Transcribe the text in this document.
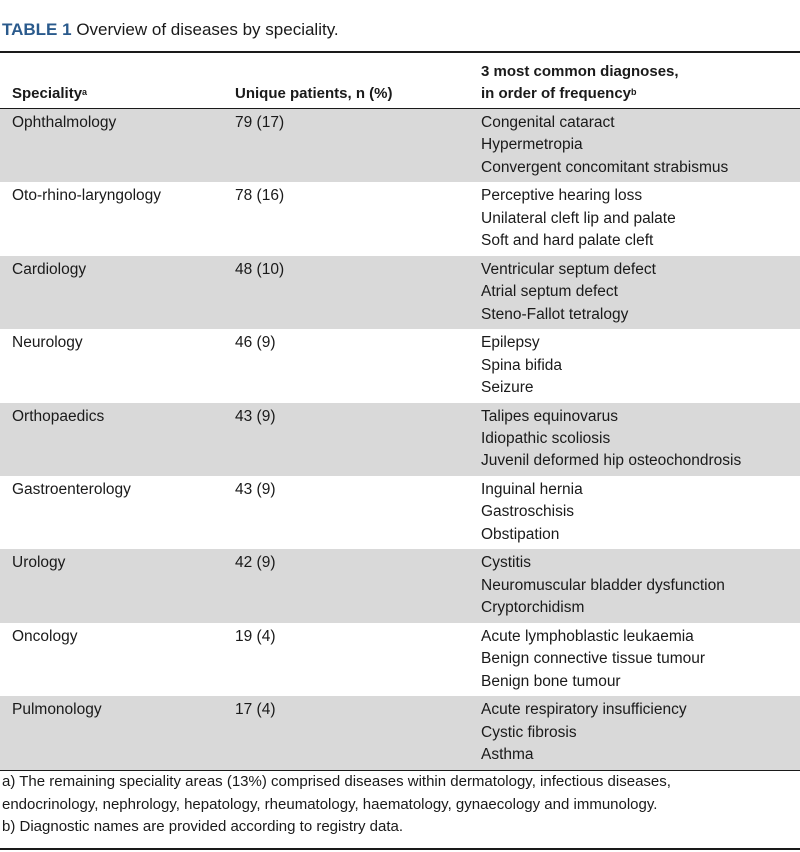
TABLE 1 Overview of diseases by speciality.
Speciality$^a$	Unique patients, n (%)
3 most common diagnoses,
in order of frequency$^b$
Ophthalmology	79 (17)	Congenital cataract
Hypermetropia
Convergent concomitant strabismus
Oto-rhino-laryngology	78 (16)	Perceptive hearing loss
Unilateral cleft lip and palate
Soft and hard palate cleft
Cardiology	48 (10)	Ventricular septum defect
Atrial septum defect
Steno-Fallot tetralogy
Neurology	46 (9)	Epilepsy
Spina bifida
Seizure
Orthopaedics	43 (9)	Talipes equinovarus
Idiopathic scoliosis
Juvenil deformed hip osteochondrosis
Gastroenterology	43 (9)	Inguinal hernia
Gastroschisis
Obstipation
Urology	42 (9)	Cystitis
Neuromuscular bladder dysfunction
Cryptorchidism
Oncology	19 (4)	Acute lymphoblastic leukaemia
Benign connective tissue tumour
Benign bone tumour
Pulmonology	17 (4)	Acute respiratory insufficiency
Cystic fibrosis
Asthma
a) The remaining speciality areas (13%) comprised diseases within dermatology, infectious diseases,
endocrinology, nephrology, hepatology, rheumatology, haematology, gynaecology and immunology.
b) Diagnostic names are provided according to registry data.
